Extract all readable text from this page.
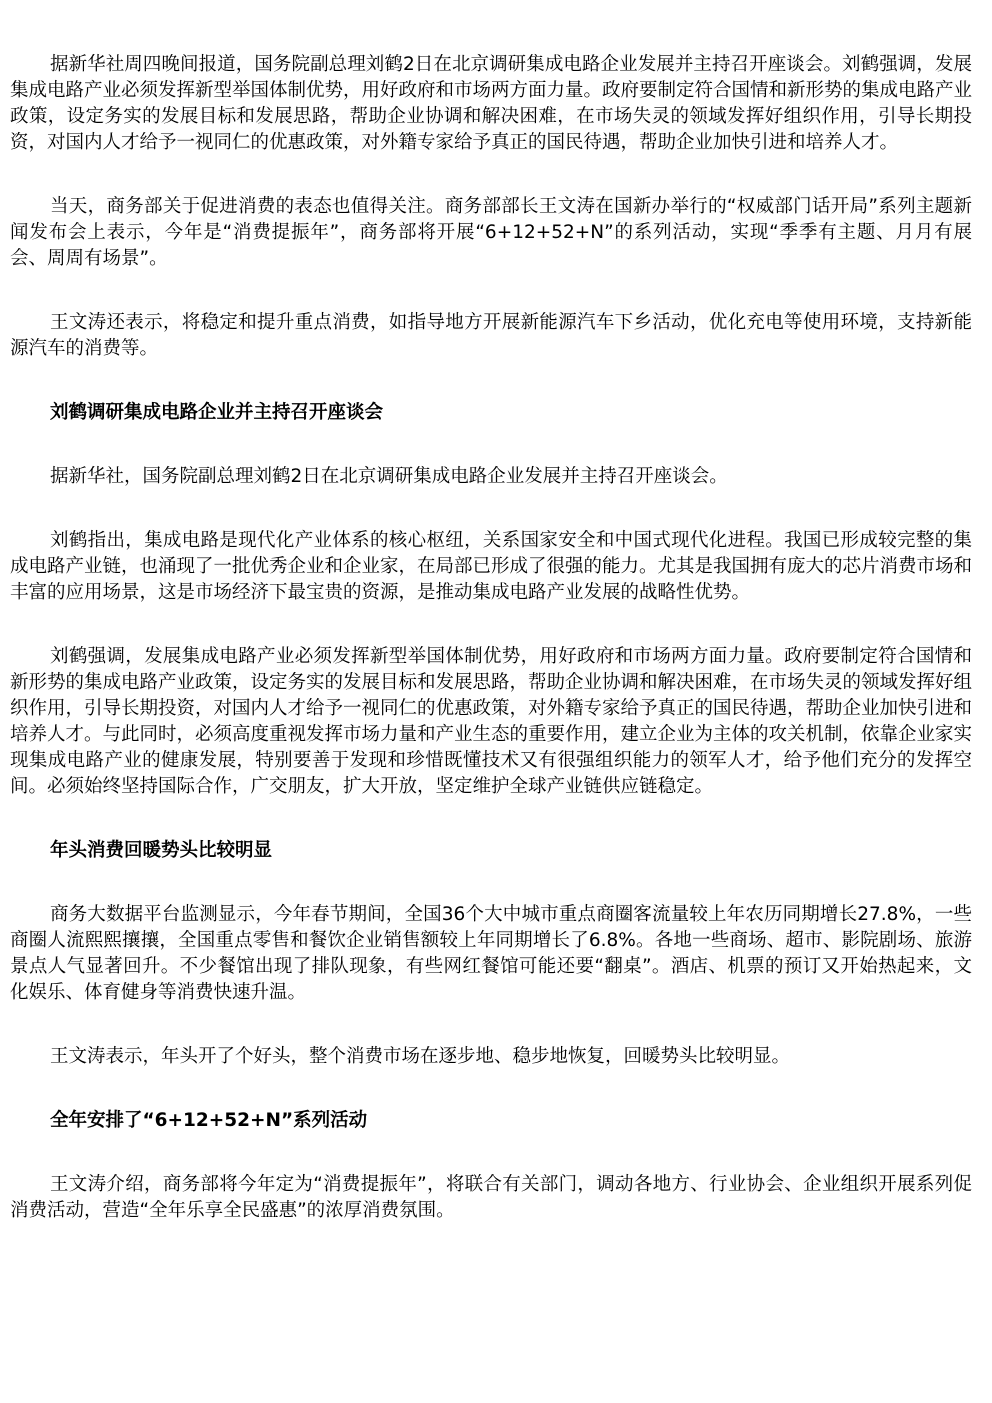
据新华社周四晚间报道，国务院副总理刘鹤2日在北京调研集成电路企业发展并主持召开座谈会。刘鹤强调，发展集成电路产业必须发挥新型举国体制优势，用好政府和市场两方面力量。政府要制定符合国情和新形势的集成电路产业政策，设定务实的发展目标和发展思路，帮助企业协调和解决困难，在市场失灵的领域发挥好组织作用，引导长期投资，对国内人才给予一视同仁的优惠政策，对外籍专家给予真正的国民待遇，帮助企业加快引进和培养人才。

当天，商务部关于促进消费的表态也值得关注。商务部部长王文涛在国新办举行的“权威部门话开局”系列主题新闻发布会上表示，今年是“消费提振年”，商务部将开展“6+12+52+N”的系列活动，实现“季季有主题、月月有展会、周周有场景”。

王文涛还表示，将稳定和提升重点消费，如指导地方开展新能源汽车下乡活动，优化充电等使用环境，支持新能源汽车的消费等。

刘鹤调研集成电路企业并主持召开座谈会

据新华社，国务院副总理刘鹤2日在北京调研集成电路企业发展并主持召开座谈会。

刘鹤指出，集成电路是现代化产业体系的核心枢纽，关系国家安全和中国式现代化进程。我国已形成较完整的集成电路产业链，也涌现了一批优秀企业和企业家，在局部已形成了很强的能力。尤其是我国拥有庞大的芯片消费市场和丰富的应用场景，这是市场经济下最宝贵的资源，是推动集成电路产业发展的战略性优势。

刘鹤强调，发展集成电路产业必须发挥新型举国体制优势，用好政府和市场两方面力量。政府要制定符合国情和新形势的集成电路产业政策，设定务实的发展目标和发展思路，帮助企业协调和解决困难，在市场失灵的领域发挥好组织作用，引导长期投资，对国内人才给予一视同仁的优惠政策，对外籍专家给予真正的国民待遇，帮助企业加快引进和培养人才。与此同时，必须高度重视发挥市场力量和产业生态的重要作用，建立企业为主体的攻关机制，依靠企业家实现集成电路产业的健康发展，特别要善于发现和珍惜既懂技术又有很强组织能力的领军人才，给予他们充分的发挥空间。必须始终坚持国际合作，广交朋友，扩大开放，坚定维护全球产业链供应链稳定。

年头消费回暖势头比较明显

商务大数据平台监测显示，今年春节期间，全国36个大中城市重点商圈客流量较上年农历同期增长27.8%，一些商圈人流熙熙攘攘，全国重点零售和餐饮企业销售额较上年同期增长了6.8%。各地一些商场、超市、影院剧场、旅游景点人气显著回升。不少餐馆出现了排队现象，有些网红餐馆可能还要“翻桌”。酒店、机票的预订又开始热起来，文化娱乐、体育健身等消费快速升温。

王文涛表示，年头开了个好头，整个消费市场在逐步地、稳步地恢复，回暖势头比较明显。

全年安排了“6+12+52+N”系列活动

王文涛介绍，商务部将今年定为“消费提振年”，将联合有关部门，调动各地方、行业协会、企业组织开展系列促消费活动，营造“全年乐享全民盛惠”的浓厚消费氛围。
